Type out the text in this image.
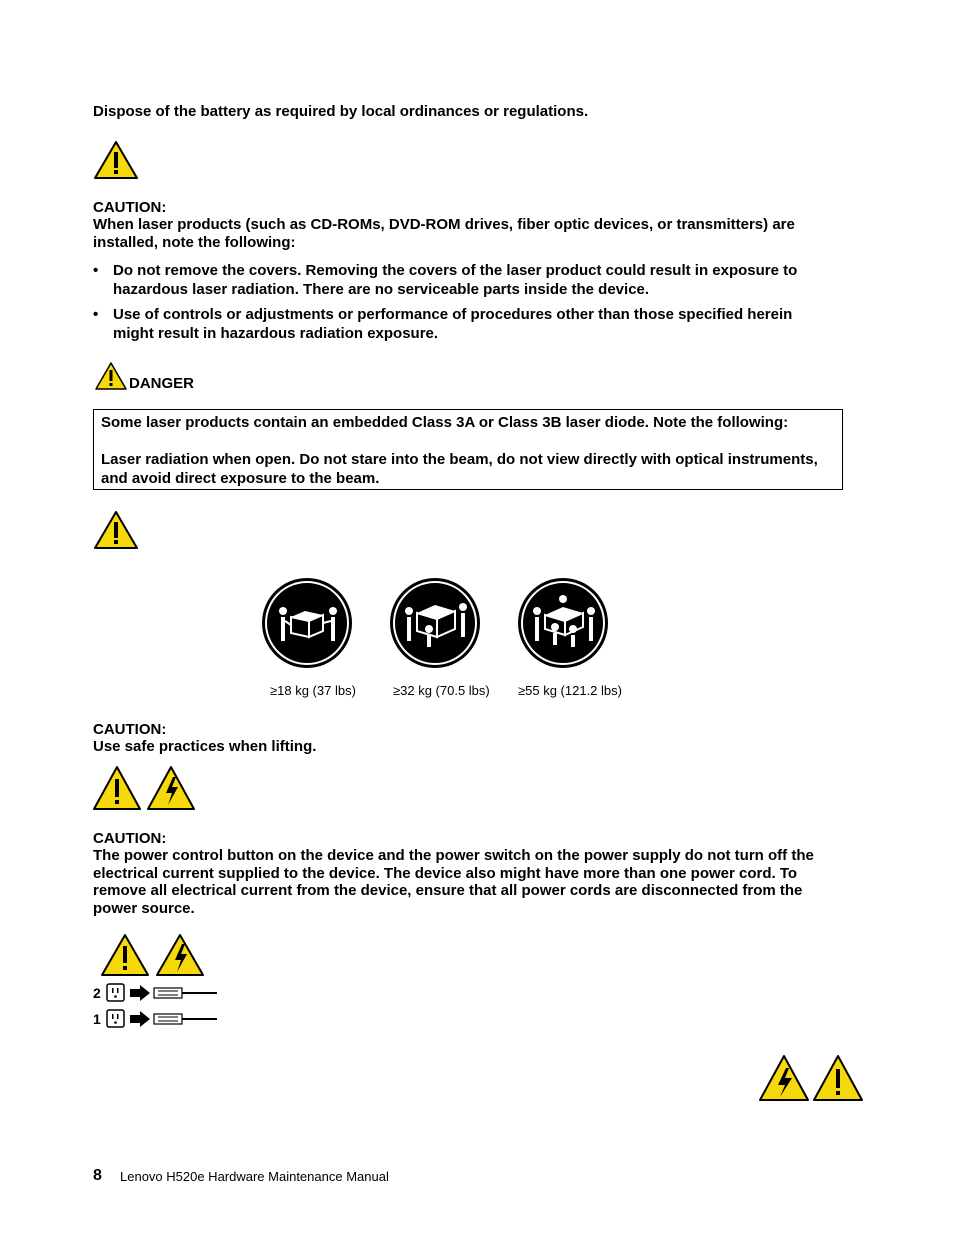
Dispose of the battery as required by local ordinances or regulations.
CAUTION:
When laser products (such as CD-ROMs, DVD-ROM drives, fiber optic devices, or transmitters) are installed, note the following:
• Do not remove the covers. Removing the covers of the laser product could result in exposure to hazardous laser radiation. There are no serviceable parts inside the device.
• Use of controls or adjustments or performance of procedures other than those specified herein might result in hazardous radiation exposure.
DANGER
Some laser products contain an embedded Class 3A or Class 3B laser diode. Note the following:
Laser radiation when open. Do not stare into the beam, do not view directly with optical instruments, and avoid direct exposure to the beam.
≥18 kg (37 lbs)	≥32 kg (70.5 lbs) ≥55 kg (121.2 lbs)
CAUTION:
Use safe practices when lifting.
CAUTION:
The power control button on the device and the power switch on the power supply do not turn off the electrical current supplied to the device. The device also might have more than one power cord. To remove all electrical current from the device, ensure that all power cords are disconnected from the power source.
2
1
8 Lenovo H520e Hardware Maintenance Manual
